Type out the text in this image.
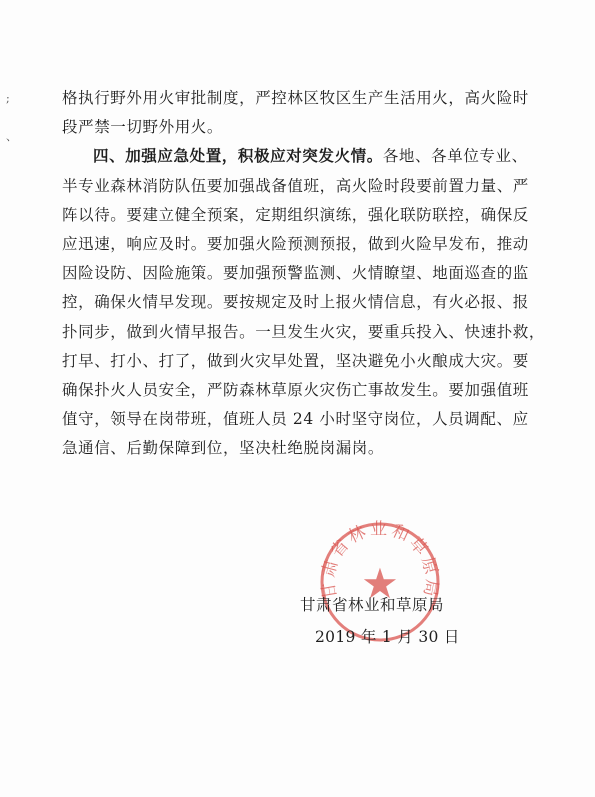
;
、

格执行野外用火审批制度，严控林区牧区生产生活用火，高火险时

段严禁一切野外用火。

四、加强应急处置，积极应对突发火情。各地、各单位专业、

半专业森林消防队伍要加强战备值班，高火险时段要前置力量、严

阵以待。要建立健全预案，定期组织演练，强化联防联控，确保反

应迅速，响应及时。要加强火险预测预报，做到火险早发布，推动

因险设防、因险施策。要加强预警监测、火情瞭望、地面巡查的监

控，确保火情早发现。要按规定及时上报火情信息，有火必报、报

扑同步，做到火情早报告。一旦发生火灾，要重兵投入、快速扑救，

打早、打小、打了，做到火灾早处置，坚决避免小火酿成大灾。要

确保扑火人员安全，严防森林草原火灾伤亡事故发生。要加强值班

值守，领导在岗带班，值班人员 24 小时坚守岗位，人员调配、应

急通信、后勤保障到位，坚决杜绝脱岗漏岗。

甘肃省林业和草原局
★
甘肃省林业和草原局
2019 年 1 月 30 日
